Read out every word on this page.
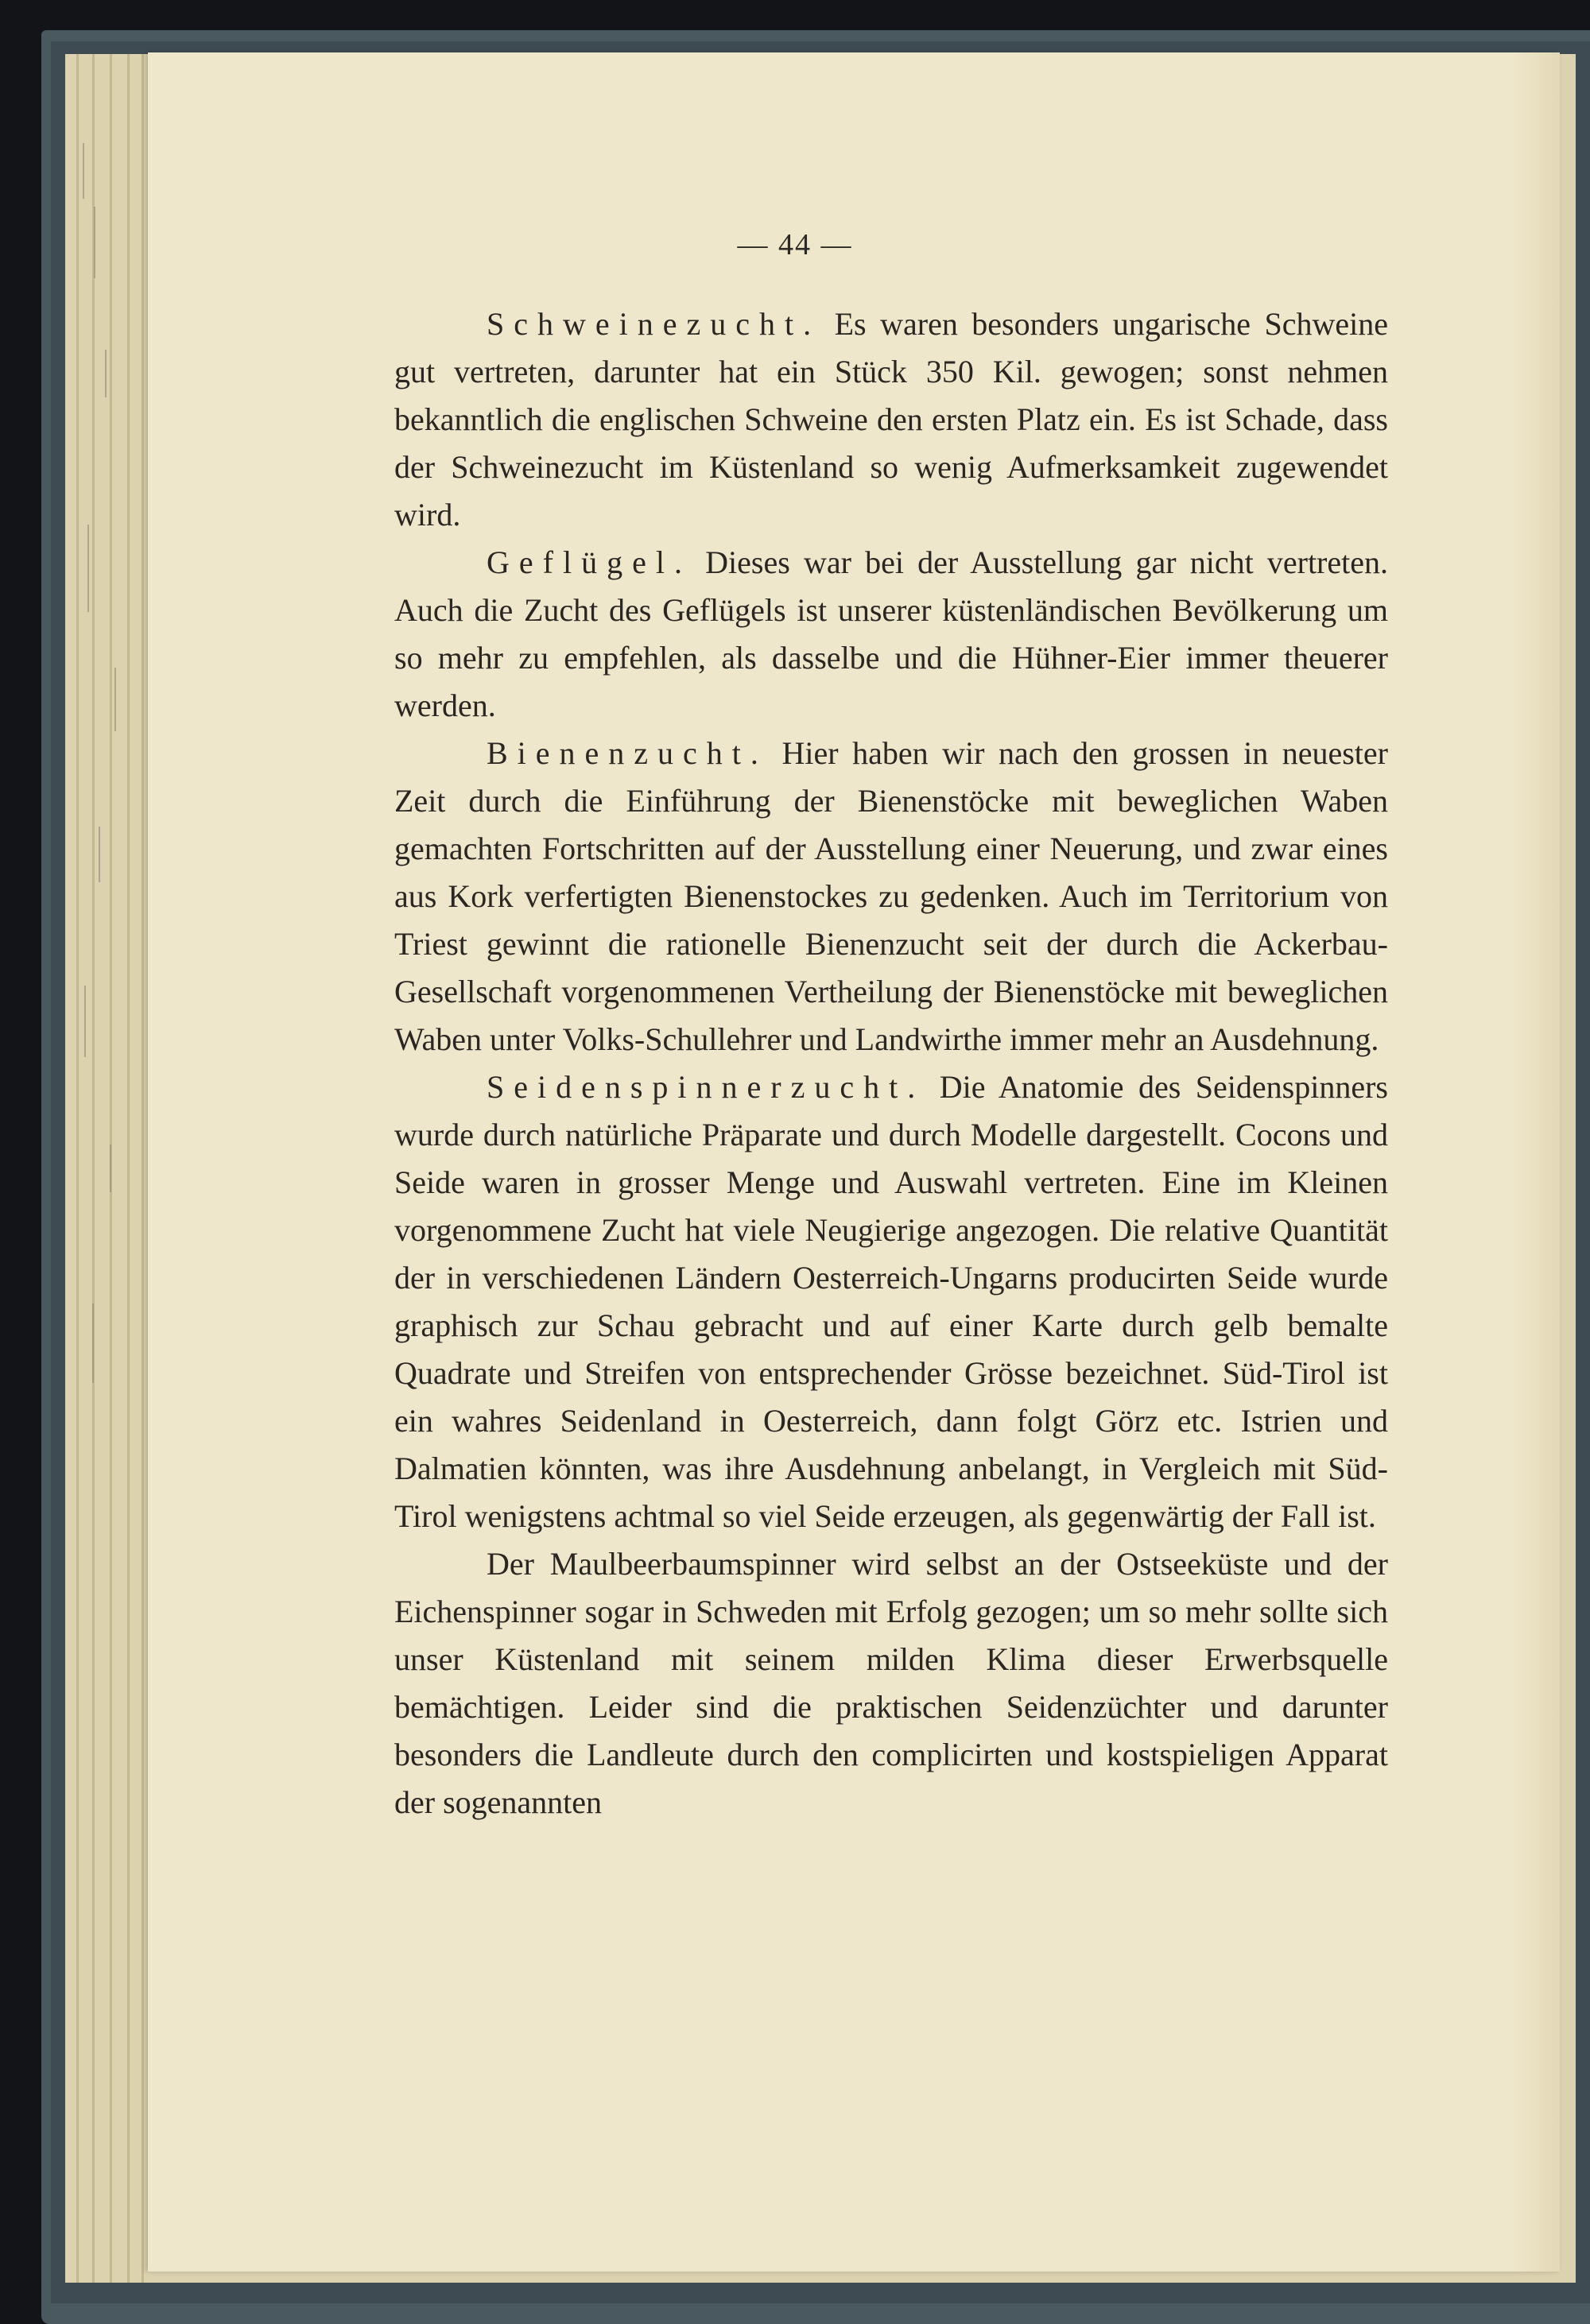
— 44 —

Schweinezucht. Es waren besonders ungarische Schweine gut vertreten, darunter hat ein Stück 350 Kil. gewogen; sonst nehmen bekanntlich die englischen Schweine den ersten Platz ein. Es ist Schade, dass der Schweinezucht im Küstenland so wenig Aufmerksamkeit zugewendet wird.

Geflügel. Dieses war bei der Ausstellung gar nicht vertreten. Auch die Zucht des Geflügels ist unserer küstenländischen Bevölkerung um so mehr zu empfehlen, als dasselbe und die Hühner-Eier immer theuerer werden.

Bienenzucht. Hier haben wir nach den grossen in neuester Zeit durch die Einführung der Bienenstöcke mit beweglichen Waben gemachten Fortschritten auf der Ausstellung einer Neuerung, und zwar eines aus Kork verfertigten Bienenstockes zu gedenken. Auch im Territorium von Triest gewinnt die rationelle Bienenzucht seit der durch die Ackerbau-Gesellschaft vorgenommenen Vertheilung der Bienenstöcke mit beweglichen Waben unter Volks-Schullehrer und Landwirthe immer mehr an Ausdehnung.

Seidenspinnerzucht. Die Anatomie des Seidenspinners wurde durch natürliche Präparate und durch Modelle dargestellt. Cocons und Seide waren in grosser Menge und Auswahl vertreten. Eine im Kleinen vorgenommene Zucht hat viele Neugierige angezogen. Die relative Quantität der in verschiedenen Ländern Oesterreich-Ungarns producirten Seide wurde graphisch zur Schau gebracht und auf einer Karte durch gelb bemalte Quadrate und Streifen von entsprechender Grösse bezeichnet. Süd-Tirol ist ein wahres Seidenland in Oesterreich, dann folgt Görz etc. Istrien und Dalmatien könnten, was ihre Ausdehnung anbelangt, in Vergleich mit Süd-Tirol wenigstens achtmal so viel Seide erzeugen, als gegenwärtig der Fall ist.

Der Maulbeerbaumspinner wird selbst an der Ostseeküste und der Eichenspinner sogar in Schweden mit Erfolg gezogen; um so mehr sollte sich unser Küstenland mit seinem milden Klima dieser Erwerbsquelle bemächtigen. Leider sind die praktischen Seidenzüchter und darunter besonders die Landleute durch den complicirten und kostspieligen Apparat der sogenannten
